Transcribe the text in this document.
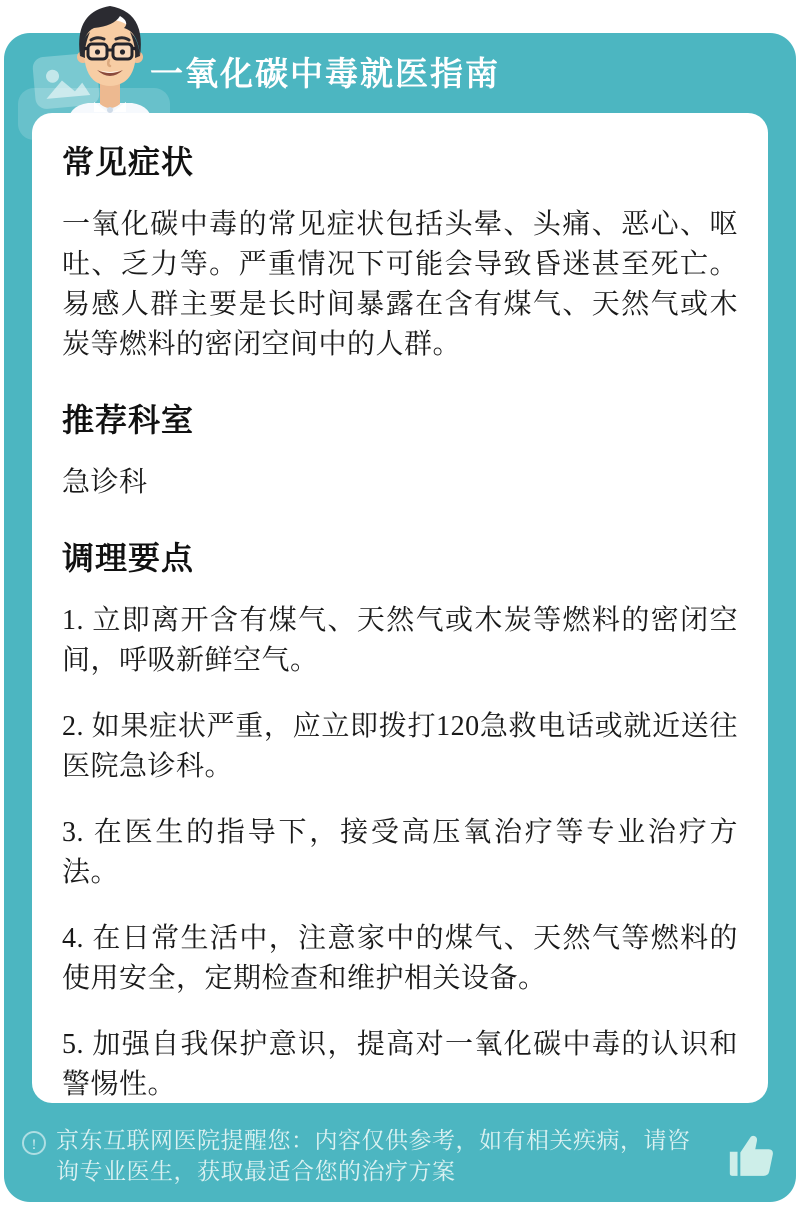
一氧化碳中毒就医指南
常见症状

一氧化碳中毒的常见症状包括头晕、头痛、恶心、呕吐、乏力等。严重情况下可能会导致昏迷甚至死亡。易感人群主要是长时间暴露在含有煤气、天然气或木炭等燃料的密闭空间中的人群。

推荐科室

急诊科

调理要点

1. 立即离开含有煤气、天然气或木炭等燃料的密闭空间，呼吸新鲜空气。

2. 如果症状严重，应立即拨打120急救电话或就近送往医院急诊科。

3. 在医生的指导下，接受高压氧治疗等专业治疗方法。

4. 在日常生活中，注意家中的煤气、天然气等燃料的使用安全，定期检查和维护相关设备。

5. 加强自我保护意识，提高对一氧化碳中毒的认识和警惕性。

! 京东互联网医院提醒您：内容仅供参考，如有相关疾病，请咨询专业医生，获取最适合您的治疗方案
